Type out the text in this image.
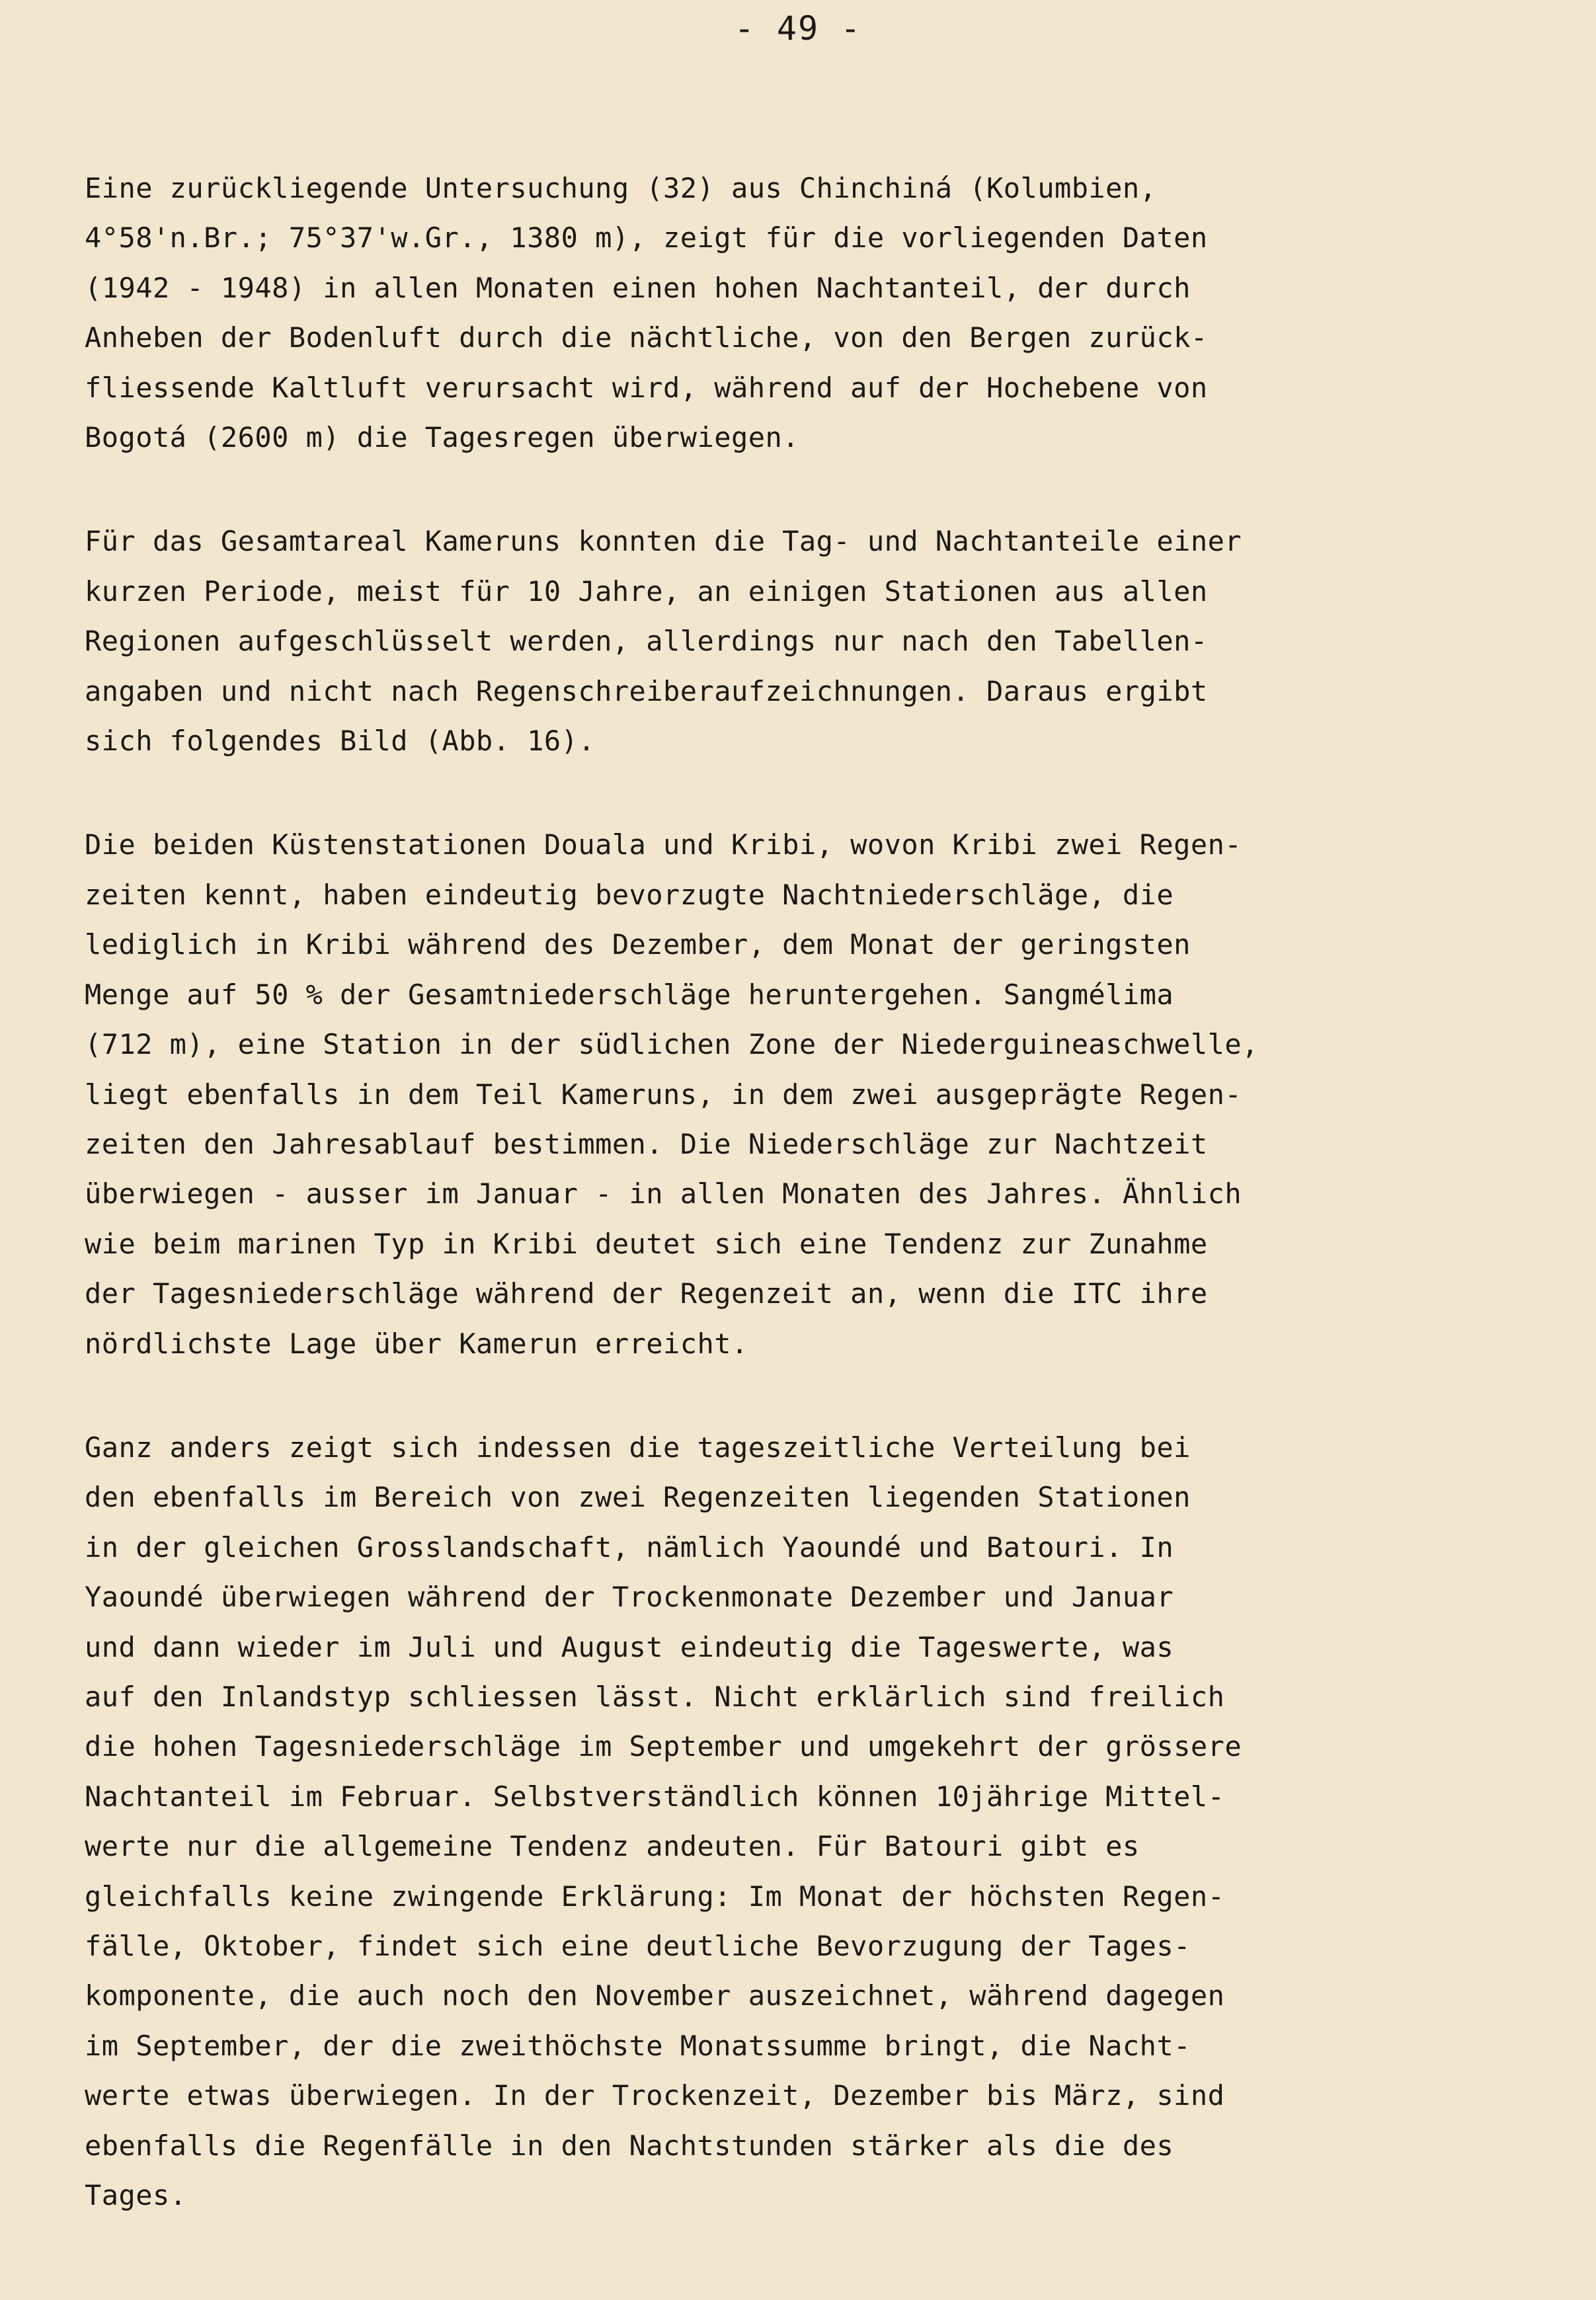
- 49 -
Eine zurückliegende Untersuchung (32) aus Chinchiná (Kolumbien,
4°58'n.Br.; 75°37'w.Gr., 1380 m), zeigt für die vorliegenden Daten
(1942 - 1948) in allen Monaten einen hohen Nachtanteil, der durch
Anheben der Bodenluft durch die nächtliche, von den Bergen zurück-
fliessende Kaltluft verursacht wird, während auf der Hochebene von
Bogotá (2600 m) die Tagesregen überwiegen.
Für das Gesamtareal Kameruns konnten die Tag- und Nachtanteile einer
kurzen Periode, meist für 10 Jahre, an einigen Stationen aus allen
Regionen aufgeschlüsselt werden, allerdings nur nach den Tabellen-
angaben und nicht nach Regenschreiberaufzeichnungen. Daraus ergibt
sich folgendes Bild (Abb. 16).
Die beiden Küstenstationen Douala und Kribi, wovon Kribi zwei Regen-
zeiten kennt, haben eindeutig bevorzugte Nachtniederschläge, die
lediglich in Kribi während des Dezember, dem Monat der geringsten
Menge auf 50 % der Gesamtniederschläge heruntergehen. Sangmélima
(712 m), eine Station in der südlichen Zone der Niederguineaschwelle,
liegt ebenfalls in dem Teil Kameruns, in dem zwei ausgeprägte Regen-
zeiten den Jahresablauf bestimmen. Die Niederschläge zur Nachtzeit
überwiegen - ausser im Januar - in allen Monaten des Jahres. Ähnlich
wie beim marinen Typ in Kribi deutet sich eine Tendenz zur Zunahme
der Tagesniederschläge während der Regenzeit an, wenn die ITC ihre
nördlichste Lage über Kamerun erreicht.
Ganz anders zeigt sich indessen die tageszeitliche Verteilung bei
den ebenfalls im Bereich von zwei Regenzeiten liegenden Stationen
in der gleichen Grosslandschaft, nämlich Yaoundé und Batouri. In
Yaoundé überwiegen während der Trockenmonate Dezember und Januar
und dann wieder im Juli und August eindeutig die Tageswerte, was
auf den Inlandstyp schliessen lässt. Nicht erklärlich sind freilich
die hohen Tagesniederschläge im September und umgekehrt der grössere
Nachtanteil im Februar. Selbstverständlich können 10jährige Mittel-
werte nur die allgemeine Tendenz andeuten. Für Batouri gibt es
gleichfalls keine zwingende Erklärung: Im Monat der höchsten Regen-
fälle, Oktober, findet sich eine deutliche Bevorzugung der Tages-
komponente, die auch noch den November auszeichnet, während dagegen
im September, der die zweithöchste Monatssumme bringt, die Nacht-
werte etwas überwiegen. In der Trockenzeit, Dezember bis März, sind
ebenfalls die Regenfälle in den Nachtstunden stärker als die des
Tages.
